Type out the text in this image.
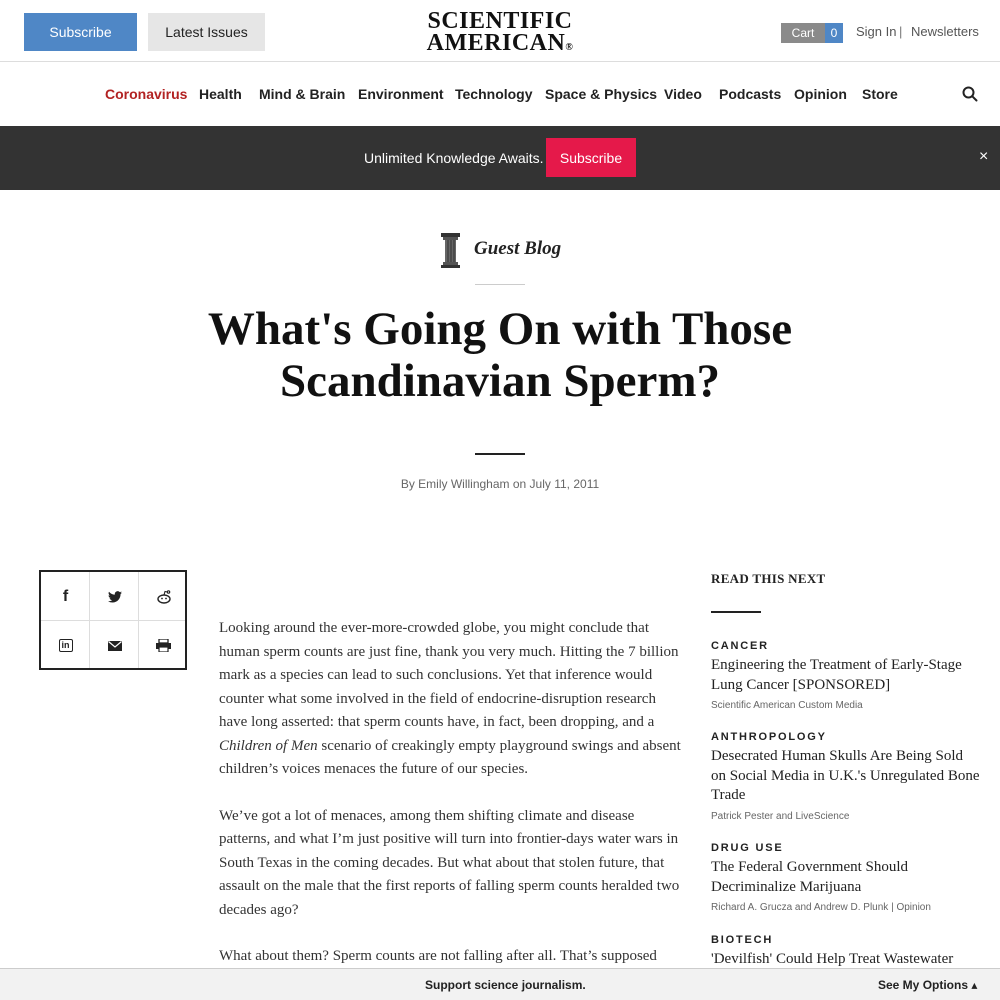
Subscribe	Latest Issues	SCIENTIFIC
AMERICAN®
Cart	0	Sign In | Newsletters
Coronavirus Health Mind & Brain Environment Technology Space & Physics Video Podcasts Opinion Store
Unlimited Knowledge Awaits.	Subscribe	×
Guest Blog
What's Going On with Those Scandinavian Sperm?
By Emily Willingham on July 11, 2011
f
in

Looking around the ever-more-crowded globe, you might conclude that human sperm counts are just fine, thank you very much. Hitting the 7 billion mark as a species can lead to such conclusions. Yet that inference would counter what some involved in the field of endocrine-disruption research have long asserted: that sperm counts have, in fact, been dropping, and a Children of Men scenario of creakingly empty playground swings and absent children’s voices menaces the future of our species.

We’ve got a lot of menaces, among them shifting climate and disease patterns, and what I’m just positive will turn into frontier-days water wars in South Texas in the coming decades. But what about that stolen future, that assault on the male that the first reports of falling sperm counts heralded two decades ago?

What about them? Sperm counts are not falling after all. That’s supposed

READ THIS NEXT
CANCER
Engineering the Treatment of Early-Stage Lung Cancer [SPONSORED]
Scientific American Custom Media
ANTHROPOLOGY
Desecrated Human Skulls Are Being Sold on Social Media in U.K.'s Unregulated Bone Trade
Patrick Pester and LiveScience
DRUG USE
The Federal Government Should Decriminalize Marijuana
Richard A. Grucza and Andrew D. Plunk | Opinion
BIOTECH
'Devilfish' Could Help Treat Wastewater
Support science journalism.	See My Options ▴
